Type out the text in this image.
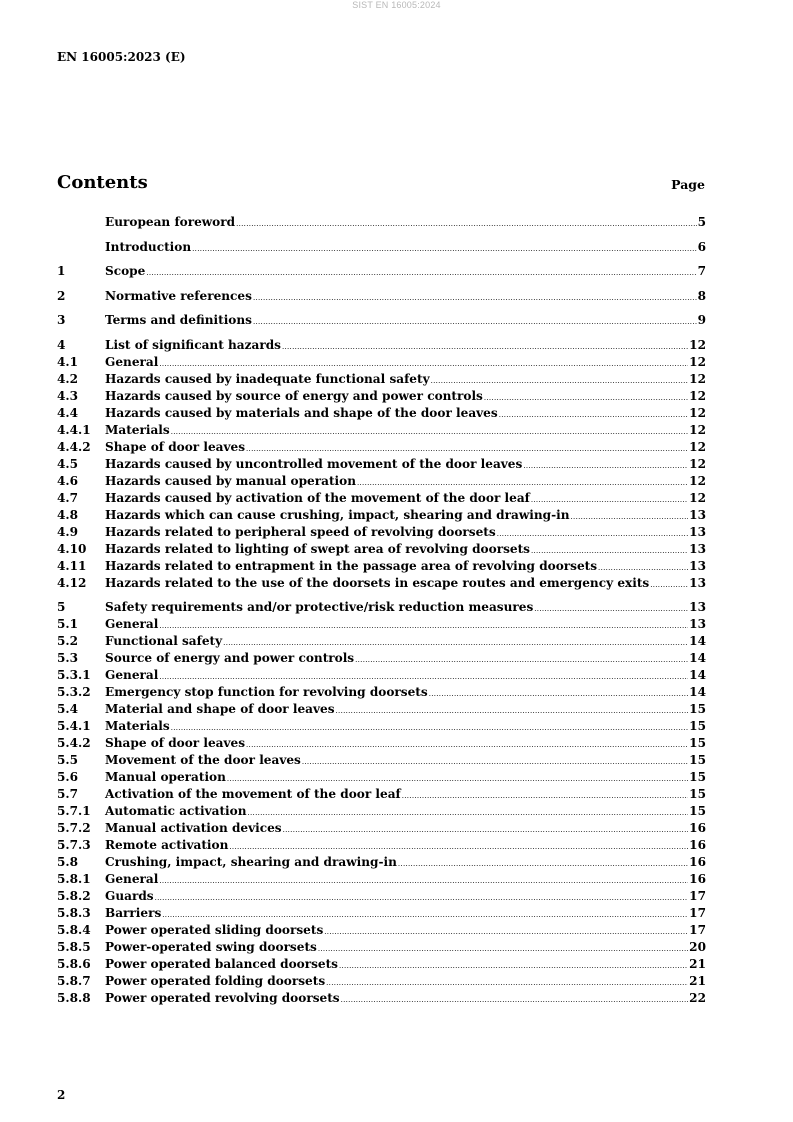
SIST EN 16005:2024
EN 16005:2023 (E)
Contents	Page
European foreword .....	5
Introduction .....	6
1	Scope .....	7
2	Normative references .....	8
3	Terms and definitions .....	9
4	List of significant hazards .....	12
4.1	General .....	12
4.2	Hazards caused by inadequate functional safety .....	12
4.3	Hazards caused by source of energy and power controls .....	12
4.4	Hazards caused by materials and shape of the door leaves .....	12
4.4.1	Materials .....	12
4.4.2	Shape of door leaves .....	12
4.5	Hazards caused by uncontrolled movement of the door leaves .....	12
4.6	Hazards caused by manual operation .....	12
4.7	Hazards caused by activation of the movement of the door leaf .....	12
4.8	Hazards which can cause crushing, impact, shearing and drawing-in .....	13
4.9	Hazards related to peripheral speed of revolving doorsets .....	13
4.10	Hazards related to lighting of swept area of revolving doorsets .....	13
4.11	Hazards related to entrapment in the passage area of revolving doorsets .....	13
4.12	Hazards related to the use of the doorsets in escape routes and emergency exits .....	13
5	Safety requirements and/or protective/risk reduction measures .....	13
5.1	General .....	13
5.2	Functional safety .....	14
5.3	Source of energy and power controls .....	14
5.3.1	General .....	14
5.3.2	Emergency stop function for revolving doorsets .....	14
5.4	Material and shape of door leaves .....	15
5.4.1	Materials .....	15
5.4.2	Shape of door leaves .....	15
5.5	Movement of the door leaves .....	15
5.6	Manual operation .....	15
5.7	Activation of the movement of the door leaf .....	15
5.7.1	Automatic activation .....	15
5.7.2	Manual activation devices .....	16
5.7.3	Remote activation .....	16
5.8	Crushing, impact, shearing and drawing-in .....	16
5.8.1	General .....	16
5.8.2	Guards .....	17
5.8.3	Barriers .....	17
5.8.4	Power operated sliding doorsets .....	17
5.8.5	Power-operated swing doorsets .....	20
5.8.6	Power operated balanced doorsets .....	21
5.8.7	Power operated folding doorsets .....	21
5.8.8	Power operated revolving doorsets .....	22
2
